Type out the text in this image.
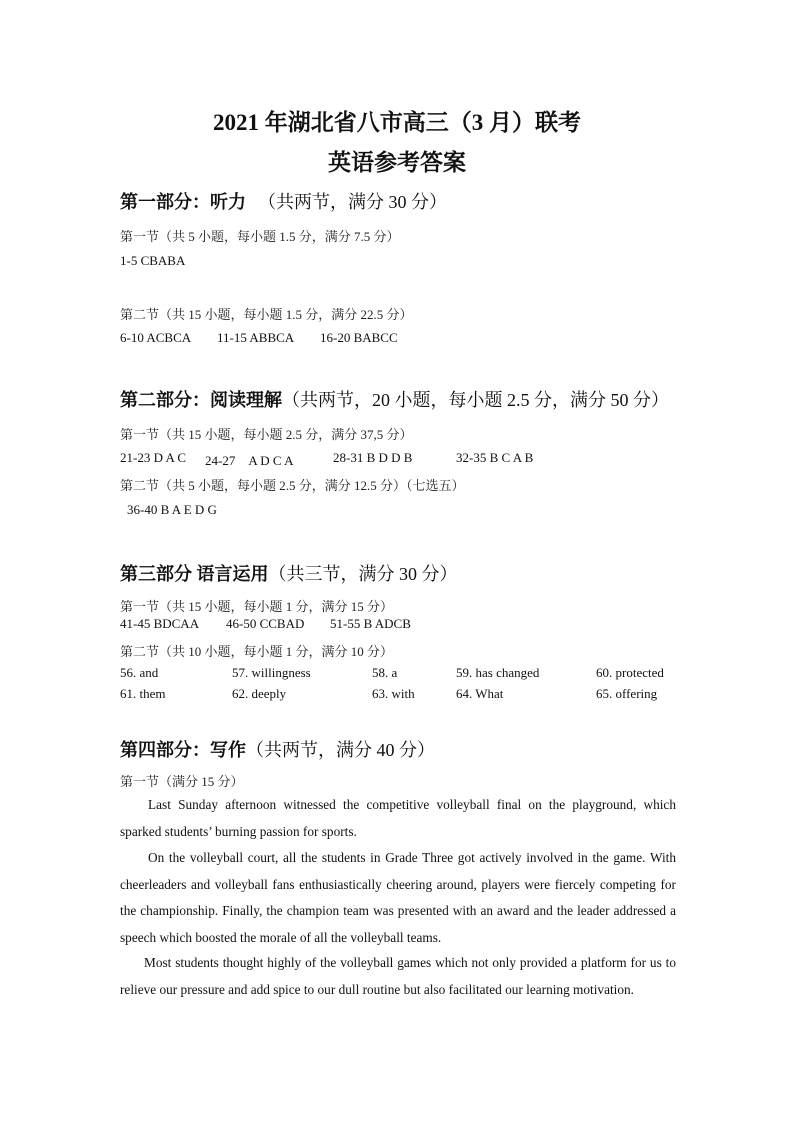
2021 年湖北省八市高三（3 月）联考
英语参考答案
第一部分：听力 （共两节，满分 30 分）
第一节（共 5 小题，每小题 1.5 分，满分 7.5 分）
1-5 CBABA
第二节（共 15 小题，每小题 1.5 分，满分 22.5 分）
6-10 ACBCA 11-15 ABBCA 16-20 BABCC
第二部分：阅读理解（共两节，20 小题，每小题 2.5 分，满分 50 分）
第一节（共 15 小题，每小题 2.5 分，满分 37,5 分）
21-23 D A C 24-27　A D C A	28-31 B D D B	32-35 B C A B
第二节（共 5 小题，每小题 2.5 分，满分 12.5 分）（七选五）
36-40 B A E D G
第三部分 语言运用（共三节，满分 30 分）
第一节（共 15 小题，每小题 1 分，满分 15 分）
41-45 BDCAA 46-50 CCBAD 51-55 B ADCB
第二节（共 10 小题，每小题 1 分，满分 10 分）
56. and	57. willingness	58. a	59. has changed	60. protected
61. them	62. deeply	63. with	64. What	65. offering
第四部分：写作（共两节，满分 40 分）
第一节（满分 15 分）
Last Sunday afternoon witnessed the competitive volleyball final on the playground, which sparked students’ burning passion for sports.
On the volleyball court, all the students in Grade Three got actively involved in the game. With cheerleaders and volleyball fans enthusiastically cheering around, players were fiercely competing for the championship. Finally, the champion team was presented with an award and the leader addressed a speech which boosted the morale of all the volleyball teams.
Most students thought highly of the volleyball games which not only provided a platform for us to relieve our pressure and add spice to our dull routine but also facilitated our learning motivation.
